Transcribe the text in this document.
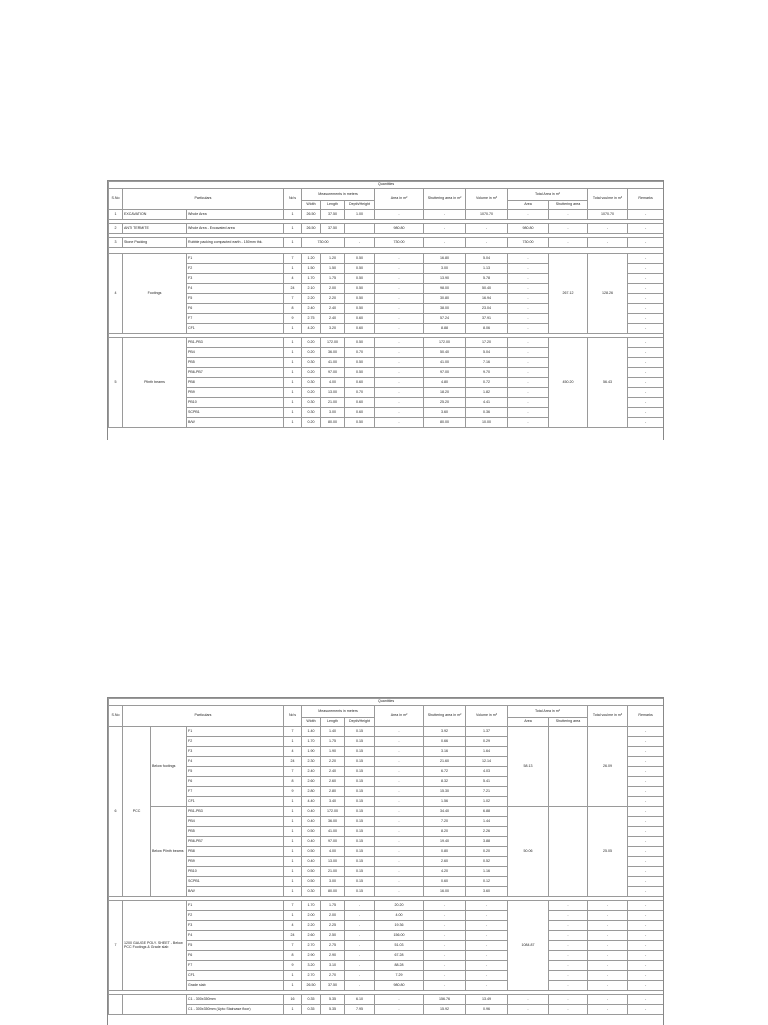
Quantities													
S.No	Particulars		No's	Measurements in meters			Area in m²	Shuttering area in m²	Volume in m³	Total Area in m²		Total voulme in m³	Remarks
				Width	Length	Depth/Height				Area	Shuttering area		
1	EXCAVATION	Whole Area	1	26.50	37.50	1.00	-	-	1070.70	-	-	1070.70	-

2	ANTI TERMITE	Whole Area - Excavated area	1	26.50	37.50		980.80	-	-	980.80	-	-	-

3	Stone Packing	Rubble packing compacted earth - 150mm thk.	1	730.00		-	730.00	-	-	730.00	-	-	-

4	Footings	F1	7	1.20	1.20	0.50	-	16.80	5.04	-	267.12	128.26	-
		F2	1	1.50	1.50	0.50	-	3.00	1.13	-			-
		F3	4	1.70	1.75	0.50	-	13.90	5.78	-			-
		F4	24	2.10	2.00	0.50	-	98.00	50.40	-			-
		F5	7	2.20	2.20	0.50	-	30.80	16.94	-			-
		F6	8	2.40	2.40	0.50	-	38.00	23.04	-			-
		F7	9	2.75	2.40	0.60	-	57.24	37.91	-			-
		CF1	1	4.20	3.20	0.60	-	8.88	8.06	-			-

5	Plinth beams	PB1-PB3	1	0.20	172.00	0.50	-	172.00	17.20	-	450.20	56.43	-
		PB4	1	0.20	36.00	0.70	-	50.40	5.04	-			-
		PB5	1	0.30	41.00	0.50	-	41.00	7.16	-			-
		PB6-PB7	1	0.20	97.00	0.50	-	97.00	9.70	-			-
		PB8	1	0.30	4.00	0.60	-	4.80	0.72	-			-
		PB9	1	0.20	13.00	0.70	-	18.20	1.82	-			-
		PB10	1	0.30	21.00	0.60	-	25.20	4.41	-			-
		SCPB1	1	0.30	3.00	0.60	-	3.60	0.36	-			-
		B/W	1	0.20	80.00	0.50	-	80.00	10.00	-			-
Quantities														
S.No	Particulars			No's	Measurements in meters			Area in m²	Shuttering area in m²	Volume in m³	Total Area in m²		Total voulme in m³	Remarks
					Width	Length	Depth/Height				Area	Shuttering area		
6	PCC	Below footings	F1	7	1.40	1.40	0.15	-	3.92	1.37	58.13		26.09	-
			F2	1	1.70	1.75	0.15	-	0.66	0.29				-
			F3	4	1.90	1.90	0.15	-	3.16	1.64				-
			F4	24	2.30	2.20	0.15	-	21.60	12.14				-
			F5	7	2.40	2.40	0.15	-	6.72	4.03				-
			F6	8	2.60	2.60	0.15	-	8.32	5.41				-
			F7	9	2.80	2.80	0.15	-	15.30	7.21				-
			CF1	1	4.40	3.40	0.15	-	1.56	1.02				-
		Below Plinth beams	PB1-PB3	1	0.40	172.00	0.15	-	34.40	6.88	50.06		25.05	-
			PB4	1	0.40	36.00	0.15	-	7.20	1.44				-
			PB5	1	0.50	41.00	0.15	-	8.20	2.26				-
			PB6-PB7	1	0.40	97.00	0.15	-	19.40	3.88				-
			PB8	1	0.50	4.00	0.15	-	0.80	0.20				-
			PB9	1	0.40	13.00	0.15	-	2.60	0.52				-
			PB10	1	0.50	21.00	0.15	-	4.20	1.16				-
			SCPB1	1	0.50	3.00	0.15	-	0.60	0.12				-
			B/W	1	0.30	80.00	0.15	-	16.00	3.60				-

7	1200 GAUGE POLY. SHEET - Below PCC Footings & Grade slab		F1	7	1.70	1.75	-	20.20	-	-	1084.87	-	-	-
			F2	1	2.00	2.00	-	4.00	-	-		-	-	-
			F3	4	2.20	2.25	-	19.36	-	-		-	-	-
			F4	24	2.60	2.50	-	156.00	-	-		-	-	-
			F5	7	2.70	2.75	-	51.03	-	-		-	-	-
			F6	8	2.90	2.90	-	67.28	-	-		-	-	-
			F7	9	3.20	3.10	-	88.28	-	-		-	-	-
			CF1	1	2.70	2.70	-	7.29	-	-		-	-	-
			Grade slab	1	26.50	37.50	-	980.80	-	-		-	-	-

			C1 - 300x350mm	16	0.35	5.35	6.10	-	156.76	13.49	-	-	-	-
			C1 - 300x350mm (Upto Staircase floor)	1	0.35	5.35	7.95	-	15.92	0.96	-	-	-	-
